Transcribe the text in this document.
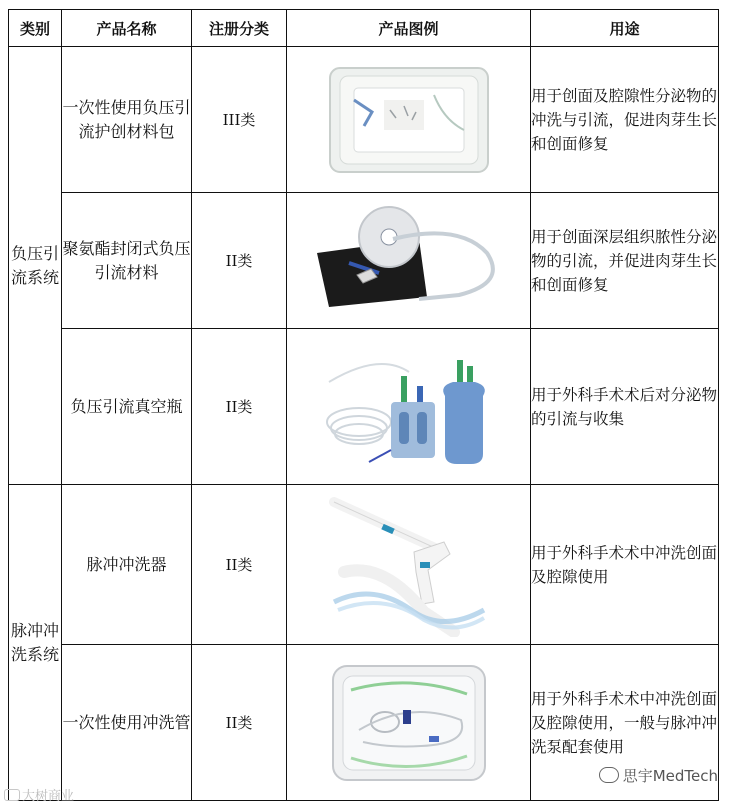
类别	产品名称	注册分类	产品图例	用途
负压引流系统	一次性使用负压引流护创材料包	III类		用于创面及腔隙性分泌物的冲洗与引流，促进肉芽生长和创面修复
	聚氨酯封闭式负压引流材料	II类		用于创面深层组织脓性分泌物的引流，并促进肉芽生长和创面修复
	负压引流真空瓶	II类		用于外科手术术后对分泌物的引流与收集
脉冲冲洗系统	脉冲冲洗器	II类		用于外科手术术中冲洗创面及腔隙使用
	一次性使用冲洗管	II类		用于外科手术术中冲洗创面及腔隙使用，一般与脉冲冲洗泵配套使用
大树商业
思宇MedTech
